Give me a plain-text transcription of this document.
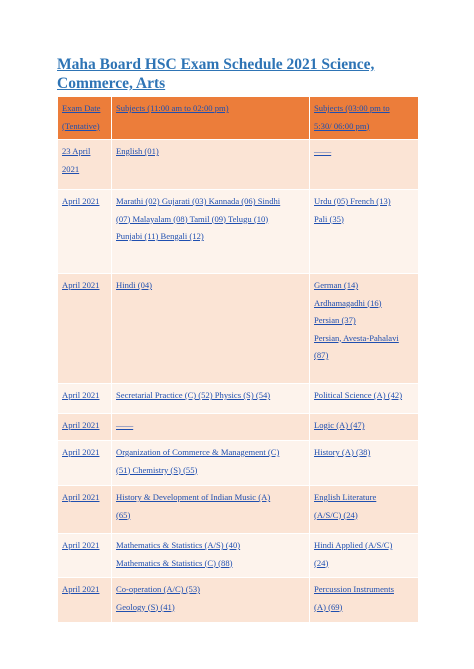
Maha Board HSC Exam Schedule 2021 Science, Commerce, Arts
Exam Date
(Tentative)	Subjects (11:00 am to 02:00 pm)	Subjects (03:00 pm to
5:30/ 06:00 pm)

23 April
2021	English (01)	——

April 2021	Marathi (02) Gujarati (03) Kannada (06) Sindhi
(07) Malayalam (08) Tamil (09) Telugu (10)
Punjabi (11) Bengali (12)	Urdu (05) French (13)
Pali (35)

April 2021	Hindi (04)	German (14)
Ardhamagadhi (16)
Persian (37)
Persian, Avesta-Pahalavi
(87)

April 2021	Secretarial Practice (C) (52) Physics (S) (54)	Political Science (A) (42)

April 2021	——	Logic (A) (47)

April 2021	Organization of Commerce & Management (C)
(51) Chemistry (S) (55)	History (A) (38)

April 2021	History & Development of Indian Music (A)
(65)	English Literature
(A/S/C) (24)

April 2021	Mathematics & Statistics (A/S) (40)
Mathematics & Statistics (C) (88)	Hindi Applied (A/S/C)
(24)

April 2021	Co-operation (A/C) (53)
Geology (S) (41)	Percussion Instruments
(A) (69)
